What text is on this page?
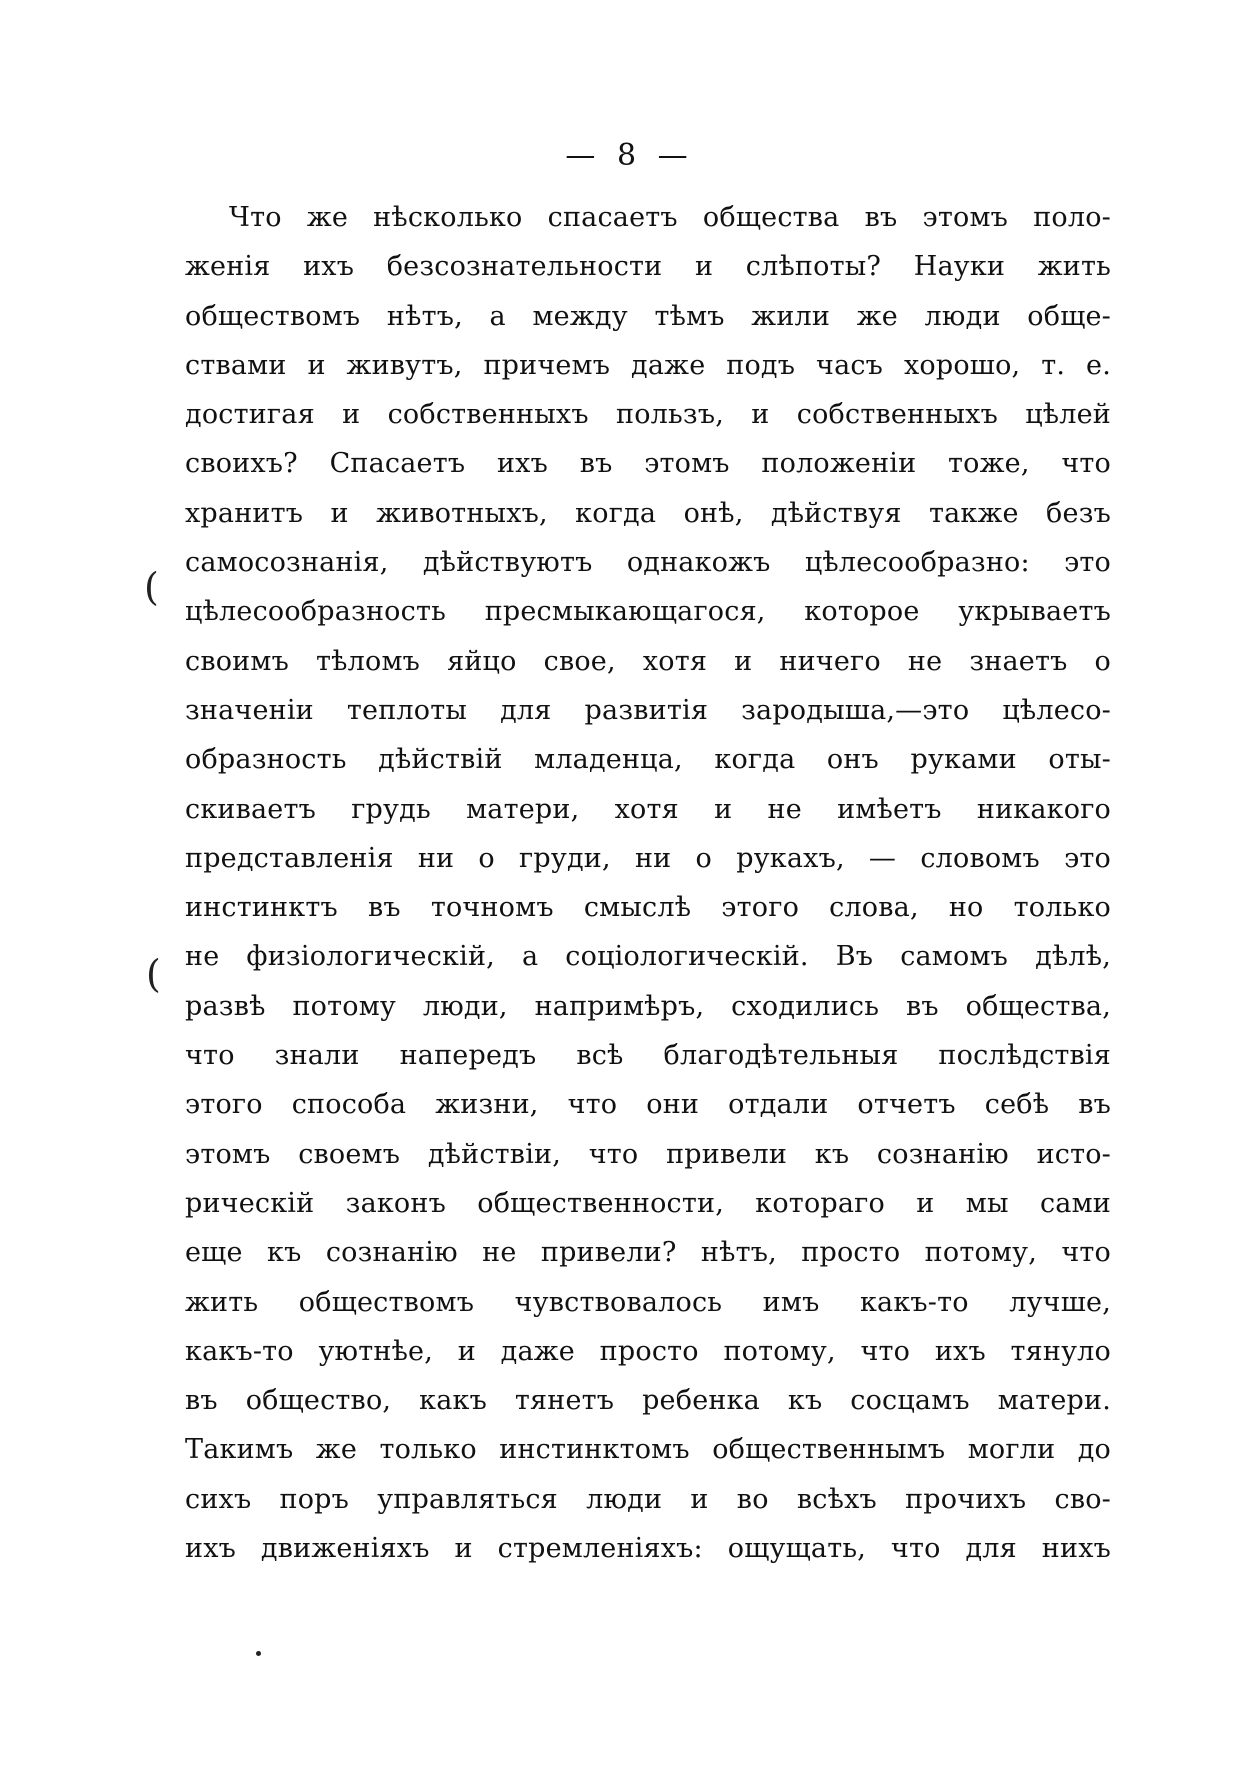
— 8 —
(
(
Что же нѣсколько спасаетъ общества въ этомъ поло-
женія ихъ безсознательности и слѣпоты? Науки жить
обществомъ нѣтъ, а между тѣмъ жили же люди обще-
ствами и живутъ, причемъ даже подъ часъ хорошо, т. е.
достигая и собственныхъ пользъ, и собственныхъ цѣлей
своихъ? Спасаетъ ихъ въ этомъ положеніи тоже, что
хранитъ и животныхъ, когда онѣ, дѣйствуя также безъ
самосознанія, дѣйствуютъ однакожъ цѣлесообразно: это
цѣлесообразность пресмыкающагося, которое укрываетъ
своимъ тѣломъ яйцо свое, хотя и ничего не знаетъ о
значеніи теплоты для развитія зародыша,—это цѣлесо-
образность дѣйствій младенца, когда онъ руками оты-
скиваетъ грудь матери, хотя и не имѣетъ никакого
представленія ни о груди, ни о рукахъ, — словомъ это
инстинктъ въ точномъ смыслѣ этого слова, но только
не физіологическій, а соціологическій. Въ самомъ дѣлѣ,
развѣ потому люди, напримѣръ, сходились въ общества,
что знали напередъ всѣ благодѣтельныя послѣдствія
этого способа жизни, что они отдали отчетъ себѣ въ
этомъ своемъ дѣйствіи, что привели къ сознанію исто-
рическій законъ общественности, котораго и мы сами
еще къ сознанію не привели? нѣтъ, просто потому, что
жить обществомъ чувствовалось имъ какъ-то лучше,
какъ-то уютнѣе, и даже просто потому, что ихъ тянуло
въ общество, какъ тянетъ ребенка къ сосцамъ матери.
Такимъ же только инстинктомъ общественнымъ могли до
сихъ поръ управляться люди и во всѣхъ прочихъ сво-
ихъ движеніяхъ и стремленіяхъ: ощущать, что для нихъ
